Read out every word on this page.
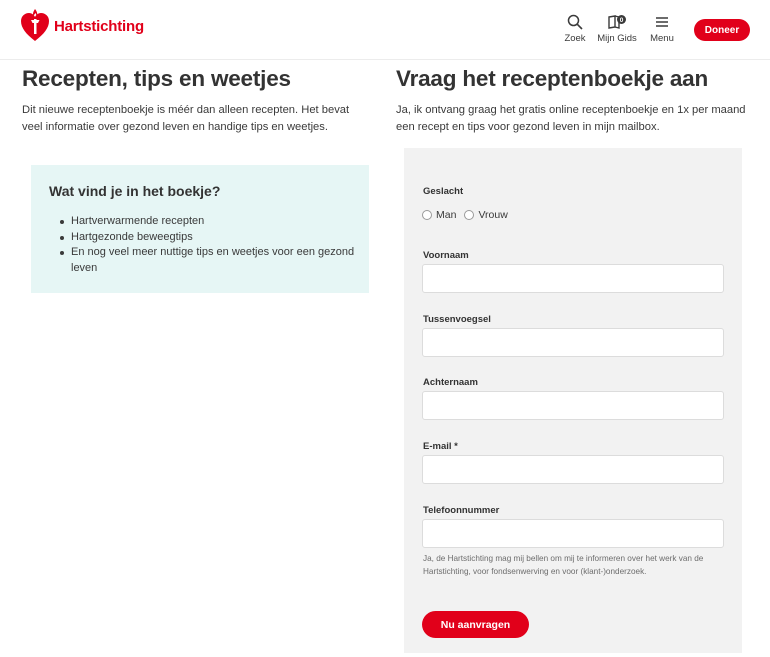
Hartstichting
Zoek
0
Mijn Gids	Menu
Doneer
Recepten, tips en weetjes

Dit nieuwe receptenboekje is méér dan alleen recepten. Het bevat veel informatie over gezond leven en handige tips en weetjes.

Wat vind je in het boekje?
Hartverwarmende recepten
Hartgezonde beweegtips
En nog veel meer nuttige tips en weetjes voor een gezond leven
Vraag het receptenboekje aan

Ja, ik ontvang graag het gratis online receptenboekje en 1x per maand een recept en tips voor gezond leven in mijn mailbox.

Geslacht
Man Vrouw
Voornaam
Tussenvoegsel
Achternaam
E-mail *
Telefoonnummer

Ja, de Hartstichting mag mij bellen om mij te informeren over het werk van de Hartstichting, voor fondsenwerving en voor (klant-)onderzoek.

Nu aanvragen
